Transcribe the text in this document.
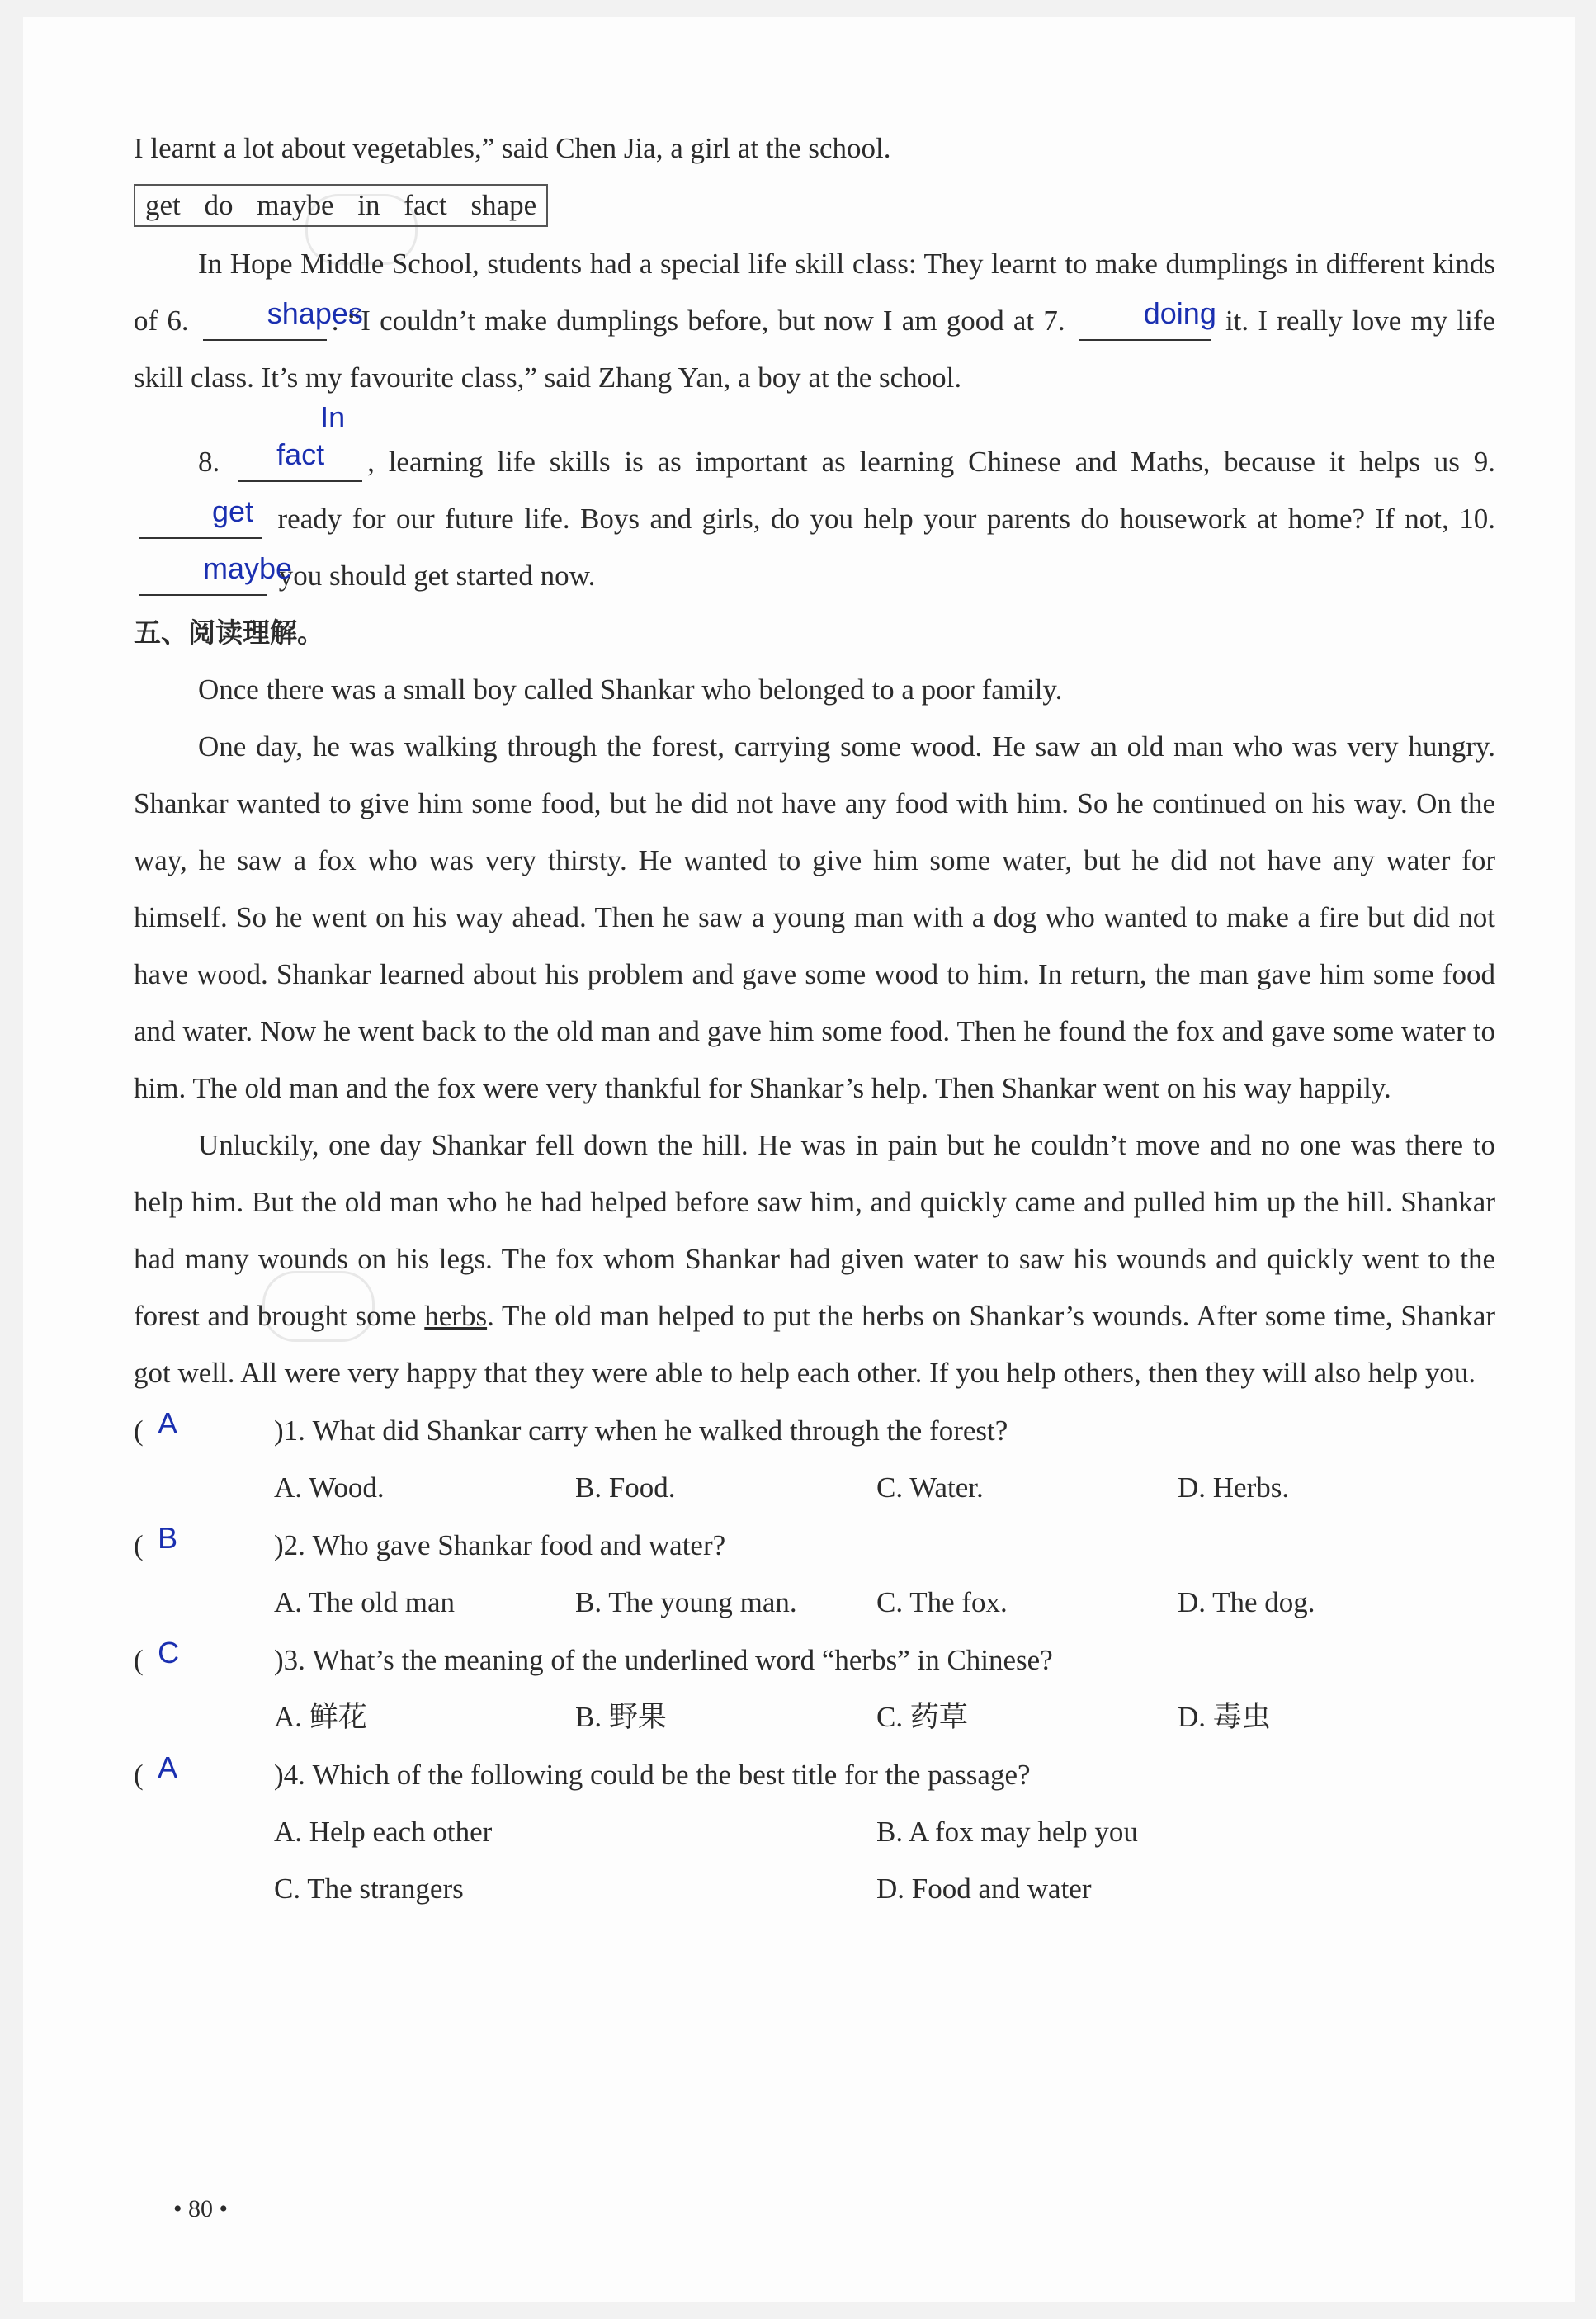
I learnt a lot about vegetables,” said Chen Jia, a girl at the school.

get do maybe in fact shape

In Hope Middle School, students had a special life skill class: They learnt to make dumplings in different kinds of 6.	shapes. “I couldn’t make dumplings before, but now I am good at 7.	doing it. I really love my life skill class. It’s my favourite class,” said Zhang Yan, a boy at the school.

8. In fact , learning life skills is as important as learning Chinese and Maths, because it helps us 9. get ready for our future life. Boys and girls, do you help your parents do housework at home? If not, 10. maybe you should get started now.

五、阅读理解。

Once there was a small boy called Shankar who belonged to a poor family.

One day, he was walking through the forest, carrying some wood. He saw an old man who was very hungry. Shankar wanted to give him some food, but he did not have any food with him. So he continued on his way. On the way, he saw a fox who was very thirsty. He wanted to give him some water, but he did not have any water for himself. So he went on his way ahead. Then he saw a young man with a dog who wanted to make a fire but did not have wood. Shankar learned about his problem and gave some wood to him. In return, the man gave him some food and water. Now he went back to the old man and gave him some food. Then he found the fox and gave some water to him. The old man and the fox were very thankful for Shankar’s help. Then Shankar went on his way happily.

Unluckily, one day Shankar fell down the hill. He was in pain but he couldn’t move and no one was there to help him. But the old man who he had helped before saw him, and quickly came and pulled him up the hill. Shankar had many wounds on his legs. The fox whom Shankar had given water to saw his wounds and quickly went to the forest and brought some herbs. The old man helped to put the herbs on Shankar’s wounds. After some time, Shankar got well. All were very happy that they were able to help each other. If you help others, then they will also help you.

(  A	)1.
What did Shankar carry when he walked through the forest?
A. Wood.	B. Food.	C. Water.	D. Herbs.
(  B	)2.
Who gave Shankar food and water?
A. The old man	B. The young man.	C. The fox.	D. The dog.
(  C	)3.
What’s the meaning of the underlined word “herbs” in Chinese?
A. 鲜花	B. 野果	C. 药草	D. 毒虫
(  A	)4.
Which of the following could be the best title for the passage?
A. Help each other	B. A fox may help you
C. The strangers	D. Food and water
• 80 •
